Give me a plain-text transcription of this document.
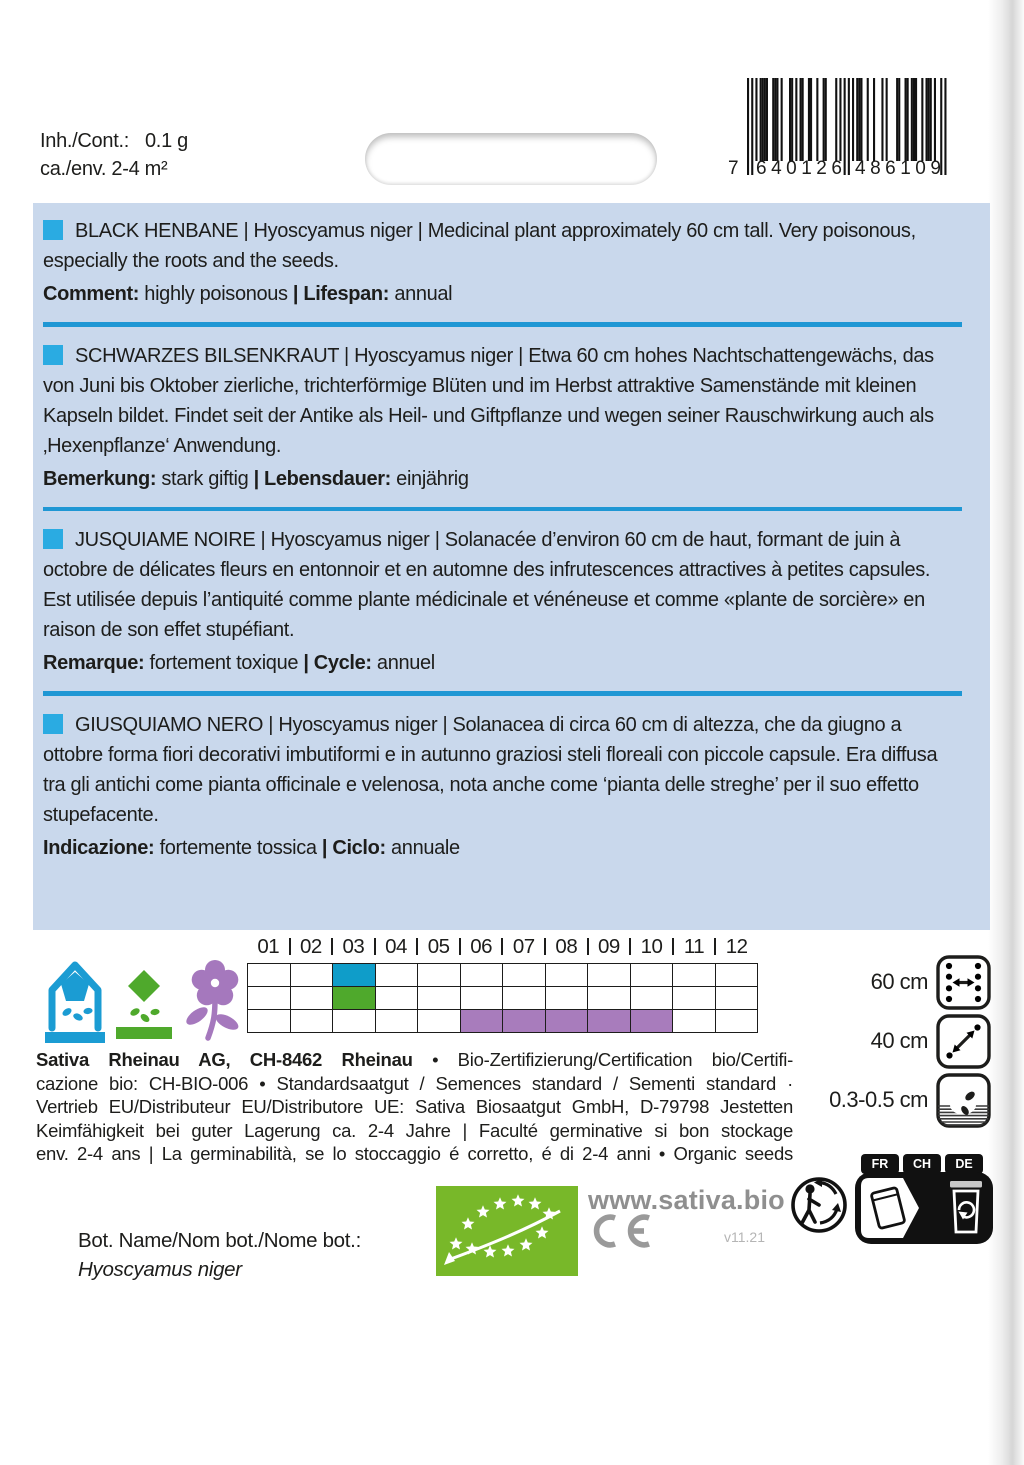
Inh./Cont.: 0.1 g
ca./env. 2-4 m²	7 640126 486109

BLACK HENBANE | Hyoscyamus niger | Medicinal plant approximately 60 cm tall. Very poisonous, especially the roots and the seeds.

Comment: highly poisonous | Lifespan: annual

SCHWARZES BILSENKRAUT | Hyoscyamus niger | Etwa 60 cm hohes Nachtschattengewächs, das von Juni bis Oktober zierliche, trichterförmige Blüten und im Herbst attraktive Samenstände mit kleinen Kapseln bildet. Findet seit der Antike als Heil- und Giftpflanze und wegen seiner Rauschwirkung auch als ‚Hexenpflanze‘ Anwendung.

Bemerkung: stark giftig | Lebensdauer: einjährig

JUSQUIAME NOIRE | Hyoscyamus niger | Solanacée d’environ 60 cm de haut, formant de juin à octobre de délicates fleurs en entonnoir et en automne des infrutescences attractives à petites capsules. Est utilisée depuis l’antiquité comme plante médicinale et vénéneuse et comme «plante de sorcière» en raison de son effet stupéfiant.

Remarque: fortement toxique | Cycle: annuel

GIUSQUIAMO NERO | Hyoscyamus niger | Solanacea di circa 60 cm di altezza, che da giugno a ottobre forma fiori decorativi imbutiformi e in autunno graziosi steli floreali con piccole capsule. Era diffusa tra gli antichi come pianta officinale e velenosa, nota anche come ‘pianta delle streghe’ per il suo effetto stupefacente.

Indicazione: fortemente tossica | Ciclo: annuale

01	02	03	04	05	06	07	08	09	10	11	12
60 cm
40 cm
0.3-0.5 cm
Sativa Rheinau AG, CH-8462 Rheinau • Bio-Zertifizierung/Certification bio/Certifi-
cazione bio: CH-BIO-006 • Standardsaatgut / Semences standard / Sementi standard ·
Vertrieb EU/Distributeur EU/Distributore UE: Sativa Biosaatgut GmbH, D-79798 Jestetten
Keimfähigkeit bei guter Lagerung ca. 2-4 Jahre | Faculté germinative si bon stockage
env. 2-4 ans | La germinabilità, se lo stoccaggio é corretto, é di 2-4 anni • Organic seeds
Bot. Name/Nom bot./Nome bot.:
Hyoscyamus niger
www.sativa.bio
v11.21
FR CH DE
